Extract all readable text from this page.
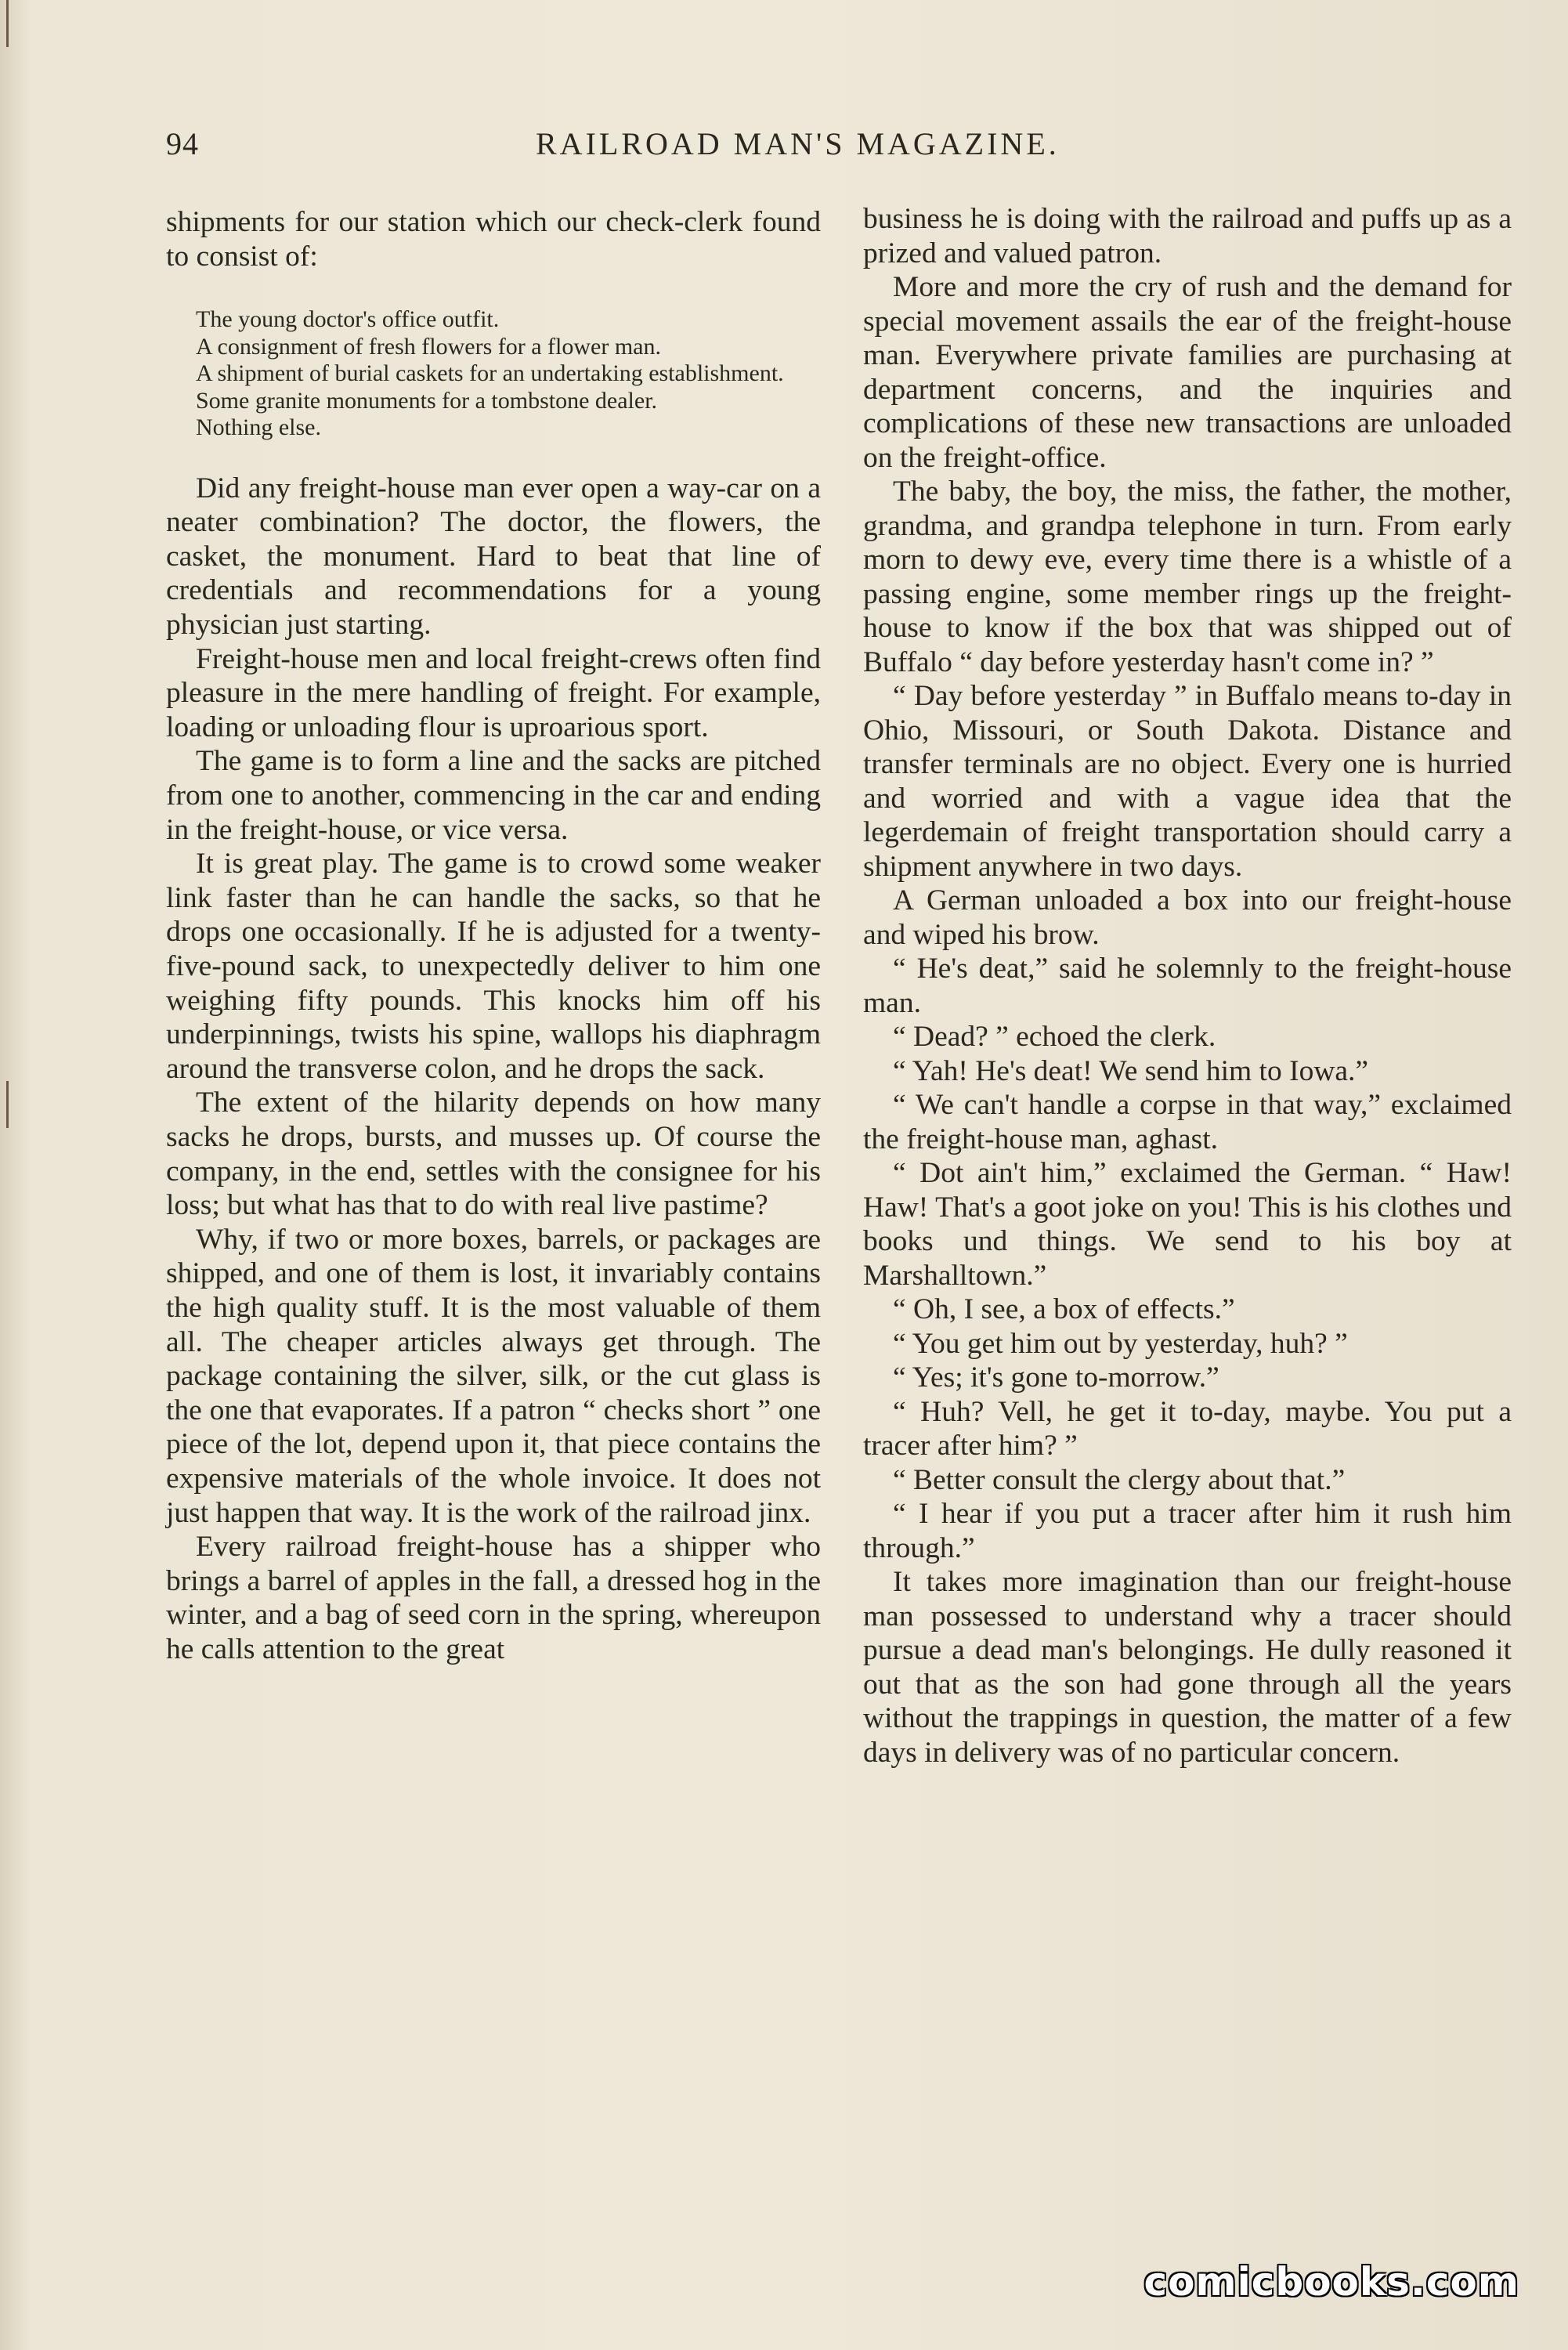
94	RAILROAD MAN'S MAGAZINE.

shipments for our station which our check-clerk found to consist of:

The young doctor's office outfit.
A consignment of fresh flowers for a flower man.
A shipment of burial caskets for an undertaking establishment.
Some granite monuments for a tombstone dealer.
Nothing else.

Did any freight-house man ever open a way-car on a neater combination? The doctor, the flowers, the casket, the monument. Hard to beat that line of credentials and recommendations for a young physician just starting.

Freight-house men and local freight-crews often find pleasure in the mere handling of freight. For example, loading or unloading flour is uproarious sport.

The game is to form a line and the sacks are pitched from one to another, commencing in the car and ending in the freight-house, or vice versa.

It is great play. The game is to crowd some weaker link faster than he can handle the sacks, so that he drops one occasionally. If he is adjusted for a twenty-five-pound sack, to unexpectedly deliver to him one weighing fifty pounds. This knocks him off his underpinnings, twists his spine, wallops his diaphragm around the transverse colon, and he drops the sack.

The extent of the hilarity depends on how many sacks he drops, bursts, and musses up. Of course the company, in the end, settles with the consignee for his loss; but what has that to do with real live pastime?

Why, if two or more boxes, barrels, or packages are shipped, and one of them is lost, it invariably contains the high quality stuff. It is the most valuable of them all. The cheaper articles always get through. The package containing the silver, silk, or the cut glass is the one that evaporates. If a patron “ checks short ” one piece of the lot, depend upon it, that piece contains the expensive materials of the whole invoice. It does not just happen that way. It is the work of the railroad jinx.

Every railroad freight-house has a shipper who brings a barrel of apples in the fall, a dressed hog in the winter, and a bag of seed corn in the spring, whereupon he calls attention to the great

business he is doing with the railroad and puffs up as a prized and valued patron.

More and more the cry of rush and the demand for special movement assails the ear of the freight-house man. Everywhere private families are purchasing at department concerns, and the inquiries and complications of these new transactions are unloaded on the freight-office.

The baby, the boy, the miss, the father, the mother, grandma, and grandpa telephone in turn. From early morn to dewy eve, every time there is a whistle of a passing engine, some member rings up the freight-house to know if the box that was shipped out of Buffalo “ day before yesterday hasn't come in? ”

“ Day before yesterday ” in Buffalo means to-day in Ohio, Missouri, or South Dakota. Distance and transfer terminals are no object. Every one is hurried and worried and with a vague idea that the legerdemain of freight transportation should carry a shipment anywhere in two days.

A German unloaded a box into our freight-house and wiped his brow.

“ He's deat,” said he solemnly to the freight-house man.

“ Dead? ” echoed the clerk.

“ Yah! He's deat! We send him to Iowa.”

“ We can't handle a corpse in that way,” exclaimed the freight-house man, aghast.

“ Dot ain't him,” exclaimed the German. “ Haw! Haw! That's a goot joke on you! This is his clothes und books und things. We send to his boy at Marshalltown.”

“ Oh, I see, a box of effects.”

“ You get him out by yesterday, huh? ”

“ Yes; it's gone to-morrow.”

“ Huh? Vell, he get it to-day, maybe. You put a tracer after him? ”

“ Better consult the clergy about that.”

“ I hear if you put a tracer after him it rush him through.”

It takes more imagination than our freight-house man possessed to understand why a tracer should pursue a dead man's belongings. He dully reasoned it out that as the son had gone through all the years without the trappings in question, the matter of a few days in delivery was of no particular concern.

comicbooks.com
